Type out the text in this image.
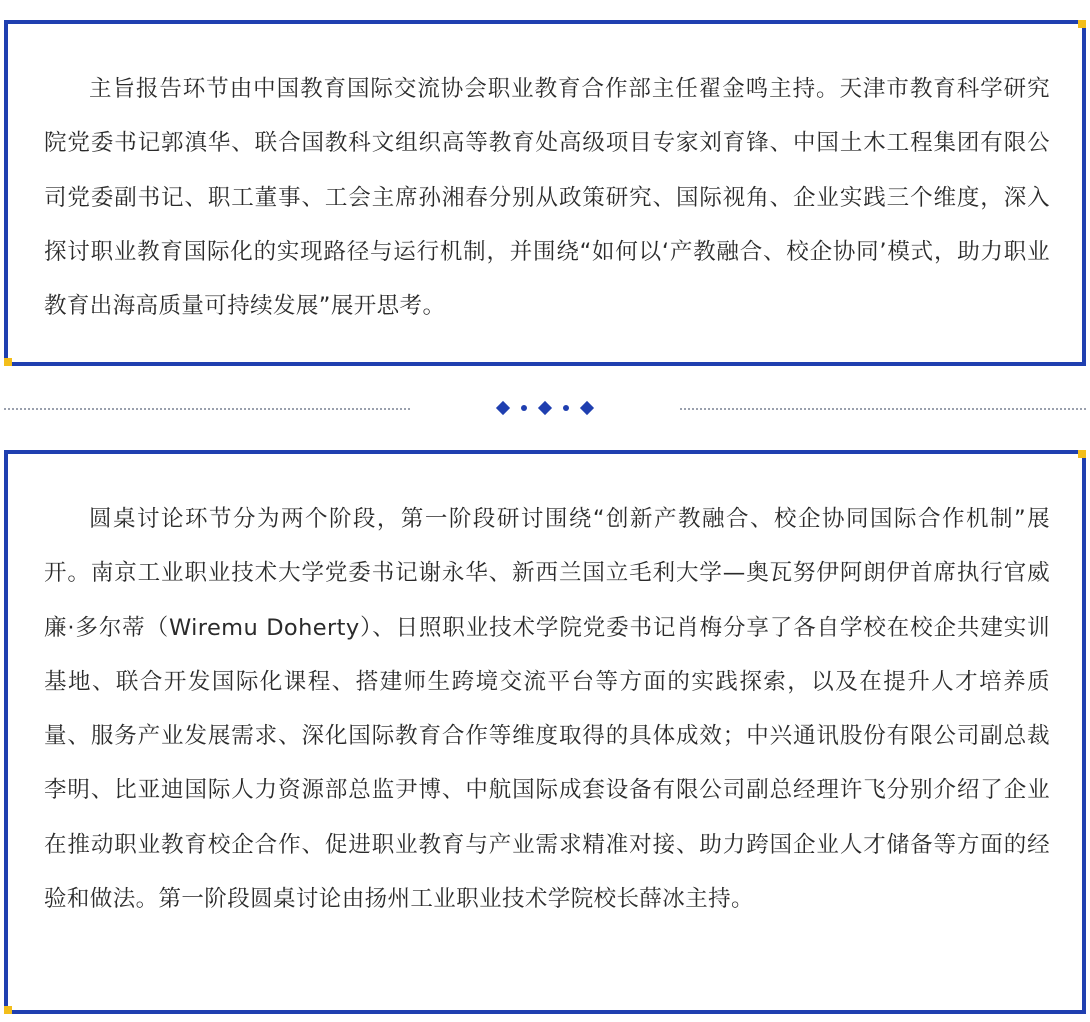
主旨报告环节由中国教育国际交流协会职业教育合作部主任翟金鸣主持。天津市教育科学研究院党委书记郭滇华、联合国教科文组织高等教育处高级项目专家刘育锋、中国土木工程集团有限公司党委副书记、职工董事、工会主席孙湘春分别从政策研究、国际视角、企业实践三个维度，深入探讨职业教育国际化的实现路径与运行机制，并围绕“如何以‘产教融合、校企协同’模式，助力职业教育出海高质量可持续发展”展开思考。

圆桌讨论环节分为两个阶段，第一阶段研讨围绕“创新产教融合、校企协同国际合作机制”展开。南京工业职业技术大学党委书记谢永华、新西兰国立毛利大学—奥瓦努伊阿朗伊首席执行官威廉·多尔蒂（Wiremu Doherty）、日照职业技术学院党委书记肖梅分享了各自学校在校企共建实训基地、联合开发国际化课程、搭建师生跨境交流平台等方面的实践探索，以及在提升人才培养质量、服务产业发展需求、深化国际教育合作等维度取得的具体成效；中兴通讯股份有限公司副总裁李明、比亚迪国际人力资源部总监尹博、中航国际成套设备有限公司副总经理许飞分别介绍了企业在推动职业教育校企合作、促进职业教育与产业需求精准对接、助力跨国企业人才储备等方面的经验和做法。第一阶段圆桌讨论由扬州工业职业技术学院校长薛冰主持。
